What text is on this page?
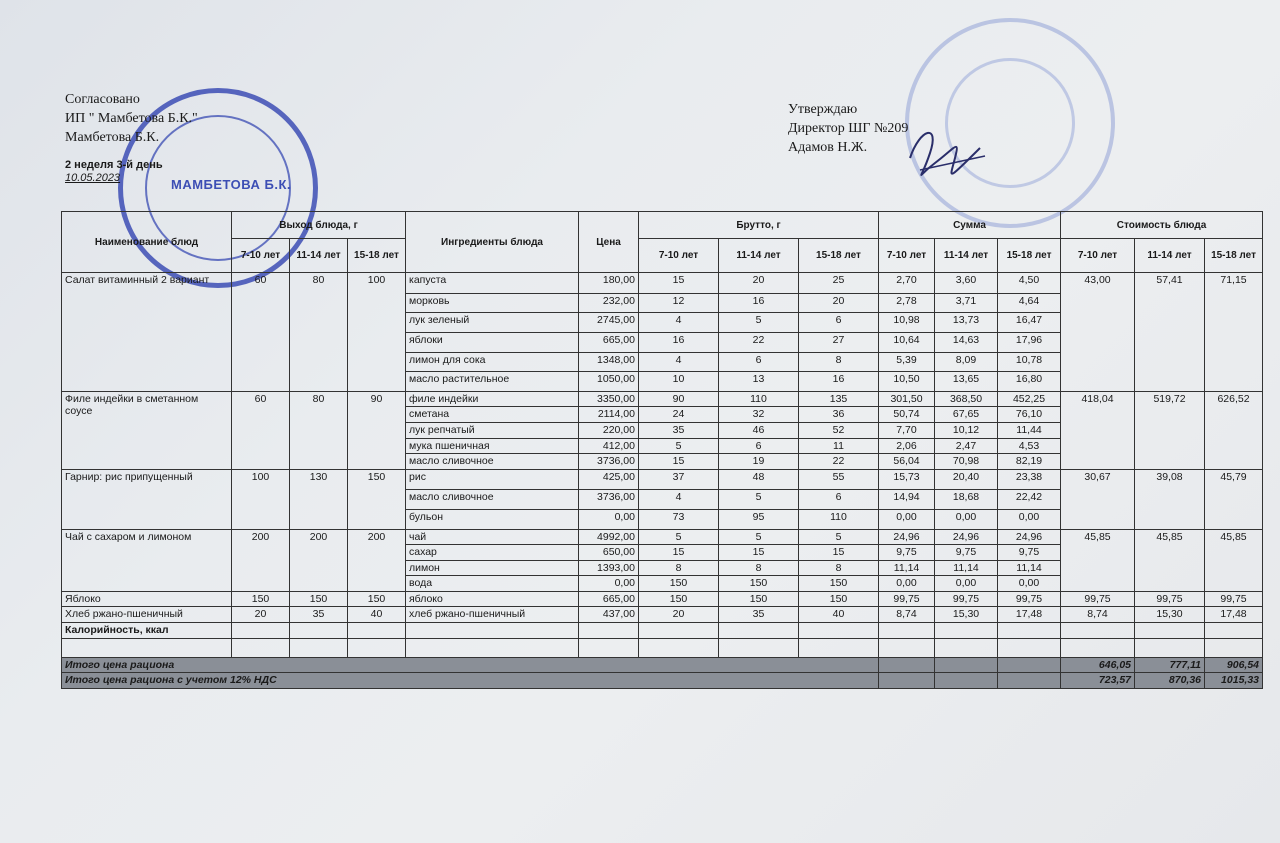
МАМБЕТОВА Б.К.
Согласовано
ИП " Мамбетова Б.К."
Мамбетова Б.К.
2 неделя 3-й день
10.05.2023
Утверждаю
Директор ШГ №209
Адамов Н.Ж.
Наименование блюд	Выход блюда, г			Ингредиенты блюда	Цена	Брутто, г			Сумма			Стоимость блюда		
	7-10 лет	11-14 лет	15-18 лет			7-10 лет	11-14 лет	15-18 лет	7-10 лет	11-14 лет	15-18 лет	7-10 лет	11-14 лет	15-18 лет
Салат витаминный 2 вариант	60	80	100	капуста	180,00	15	20	25	2,70	3,60	4,50	43,00	57,41	71,15
				морковь	232,00	12	16	20	2,78	3,71	4,64			
				лук зеленый	2745,00	4	5	6	10,98	13,73	16,47			
				яблоки	665,00	16	22	27	10,64	14,63	17,96			
				лимон для сока	1348,00	4	6	8	5,39	8,09	10,78			
				масло растительное	1050,00	10	13	16	10,50	13,65	16,80			
Филе индейки в сметанном соусе	60	80	90	филе индейки	3350,00	90	110	135	301,50	368,50	452,25	418,04	519,72	626,52
				сметана	2114,00	24	32	36	50,74	67,65	76,10			
				лук репчатый	220,00	35	46	52	7,70	10,12	11,44			
				мука пшеничная	412,00	5	6	11	2,06	2,47	4,53			
				масло сливочное	3736,00	15	19	22	56,04	70,98	82,19			
Гарнир: рис припущенный	100	130	150	рис	425,00	37	48	55	15,73	20,40	23,38	30,67	39,08	45,79
				масло сливочное	3736,00	4	5	6	14,94	18,68	22,42			
				бульон	0,00	73	95	110	0,00	0,00	0,00			
Чай с сахаром и лимоном	200	200	200	чай	4992,00	5	5	5	24,96	24,96	24,96	45,85	45,85	45,85
				сахар	650,00	15	15	15	9,75	9,75	9,75			
				лимон	1393,00	8	8	8	11,14	11,14	11,14			
				вода	0,00	150	150	150	0,00	0,00	0,00			
Яблоко	150	150	150	яблоко	665,00	150	150	150	99,75	99,75	99,75	99,75	99,75	99,75
Хлеб ржано-пшеничный	20	35	40	хлеб ржано-пшеничный	437,00	20	35	40	8,74	15,30	17,48	8,74	15,30	17,48
Калорийность, ккал														

Итого цена рациона												646,05	777,11	906,54
Итого цена рациона с учетом 12% НДС												723,57	870,36	1015,33
